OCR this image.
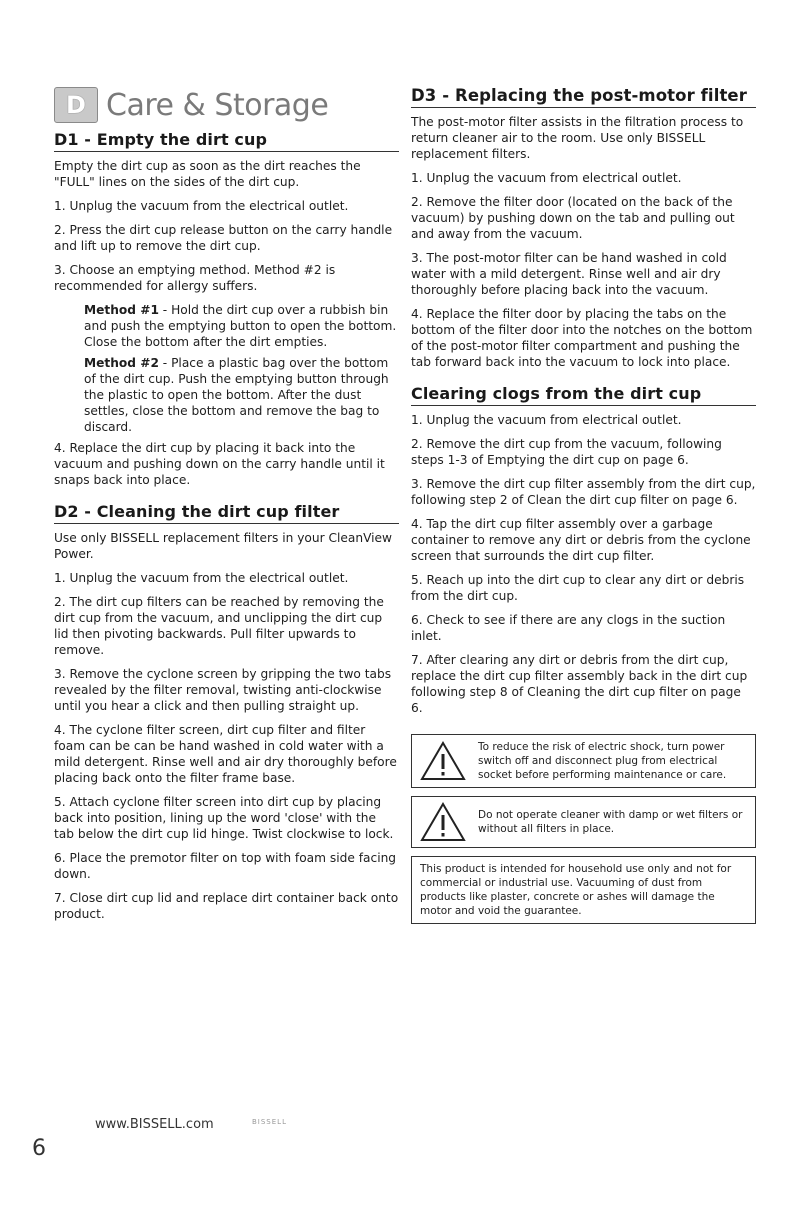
D Care & Storage
D1 - Empty the dirt cup

Empty the dirt cup as soon as the dirt reaches the "FULL" lines on the sides of the dirt cup.

1. Unplug the vacuum from the electrical outlet.

2. Press the dirt cup release button on the carry handle and lift up to remove the dirt cup.

3. Choose an emptying method. Method #2 is recommended for allergy suffers.

Method #1 - Hold the dirt cup over a rubbish bin and push the emptying button to open the bottom. Close the bottom after the dirt empties.

Method #2 - Place a plastic bag over the bottom of the dirt cup. Push the emptying button through the plastic to open the bottom. After the dust settles, close the bottom and remove the bag to discard.

4. Replace the dirt cup by placing it back into the vacuum and pushing down on the carry handle until it snaps back into place.

D2 - Cleaning the dirt cup filter

Use only BISSELL replacement filters in your CleanView Power.

1. Unplug the vacuum from the electrical outlet.

2. The dirt cup filters can be reached by removing the dirt cup from the vacuum, and unclipping the dirt cup lid then pivoting backwards. Pull filter upwards to remove.

3. Remove the cyclone screen by gripping the two tabs revealed by the filter removal, twisting anti-clockwise until you hear a click and then pulling straight up.

4. The cyclone filter screen, dirt cup filter and filter foam can be can be hand washed in cold water with a mild detergent. Rinse well and air dry thoroughly before placing back onto the filter frame base.

5. Attach cyclone filter screen into dirt cup by placing back into position, lining up the word 'close' with the tab below the dirt cup lid hinge. Twist clockwise to lock.

6. Place the premotor filter on top with foam side facing down.

7. Close dirt cup lid and replace dirt container back onto product.

D3 - Replacing the post-motor filter

The post-motor filter assists in the filtration process to return cleaner air to the room. Use only BISSELL replacement filters.

1. Unplug the vacuum from electrical outlet.

2. Remove the filter door (located on the back of the vacuum) by pushing down on the tab and pulling out and away from the vacuum.

3. The post-motor filter can be hand washed in cold water with a mild detergent. Rinse well and air dry thoroughly before placing back into the vacuum.

4. Replace the filter door by placing the tabs on the bottom of the filter door into the notches on the bottom of the post-motor filter compartment and pushing the tab forward back into the vacuum to lock into place.

Clearing clogs from the dirt cup

1. Unplug the vacuum from electrical outlet.

2. Remove the dirt cup from the vacuum, following steps 1-3 of Emptying the dirt cup on page 6.

3. Remove the dirt cup filter assembly from the dirt cup, following step 2 of Clean the dirt cup filter on page 6.

4. Tap the dirt cup filter assembly over a garbage container to remove any dirt or debris from the cyclone screen that surrounds the dirt cup filter.

5. Reach up into the dirt cup to clear any dirt or debris from the dirt cup.

6. Check to see if there are any clogs in the suction inlet.

7. After clearing any dirt or debris from the dirt cup, replace the dirt cup filter assembly back in the dirt cup following step 8 of Cleaning the dirt cup filter on page 6.

To reduce the risk of electric shock, turn power switch off and disconnect plug from electrical socket before performing maintenance or care.
Do not operate cleaner with damp or wet filters or without all filters in place.
This product is intended for household use only and not for commercial or industrial use. Vacuuming of dust from products like plaster, concrete or ashes will damage the motor and void the guarantee.
6
www.BISSELL.com	BISSELL
